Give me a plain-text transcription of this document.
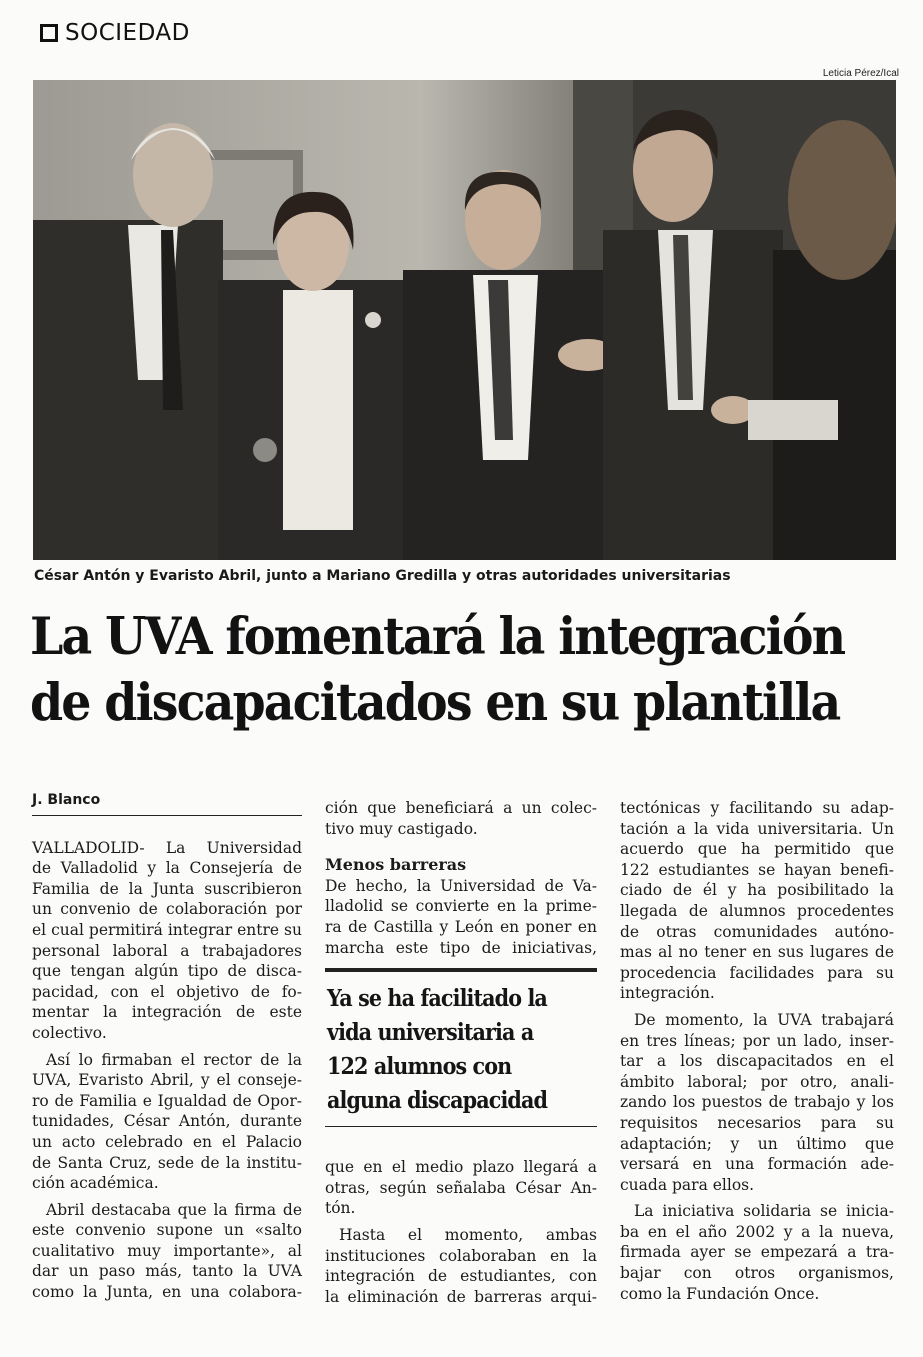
SOCIEDAD
Leticia Pérez/Ical
César Antón y Evaristo Abril, junto a Mariano Gredilla y otras autoridades universitarias
La UVA fomentará la integración
de discapacitados en su plantilla
J. Blanco

VALLADOLID- La Universidad
de Valladolid y la Consejería de
Familia de la Junta suscribieron
un convenio de colaboración por
el cual permitirá integrar entre su
personal laboral a trabajadores
que tengan algún tipo de disca-
pacidad, con el objetivo de fo-
mentar la integración de este
colectivo.

Así lo firmaban el rector de la
UVA, Evaristo Abril, y el conseje-
ro de Familia e Igualdad de Opor-
tunidades, César Antón, durante
un acto celebrado en el Palacio
de Santa Cruz, sede de la institu-
ción académica.

Abril destacaba que la firma de
este convenio supone un «salto
cualitativo muy importante», al
dar un paso más, tanto la UVA
como la Junta, en una colabora-

ción que beneficiará a un colec-
tivo muy castigado.

Menos barreras

De hecho, la Universidad de Va-
lladolid se convierte en la prime-
ra de Castilla y León en poner en
marcha este tipo de iniciativas,

Ya se ha facilitado la
vida universitaria a
122 alumnos con
alguna discapacidad

que en el medio plazo llegará a
otras, según señalaba César An-
tón.

Hasta el momento, ambas
instituciones colaboraban en la
integración de estudiantes, con
la eliminación de barreras arqui-

tectónicas y facilitando su adap-
tación a la vida universitaria. Un
acuerdo que ha permitido que
122 estudiantes se hayan benefi-
ciado de él y ha posibilitado la
llegada de alumnos procedentes
de otras comunidades autóno-
mas al no tener en sus lugares de
procedencia facilidades para su
integración.

De momento, la UVA trabajará
en tres líneas; por un lado, inser-
tar a los discapacitados en el
ámbito laboral; por otro, anali-
zando los puestos de trabajo y los
requisitos necesarios para su
adaptación; y un último que
versará en una formación ade-
cuada para ellos.

La iniciativa solidaria se inicia-
ba en el año 2002 y a la nueva,
firmada ayer se empezará a tra-
bajar con otros organismos,
como la Fundación Once.
